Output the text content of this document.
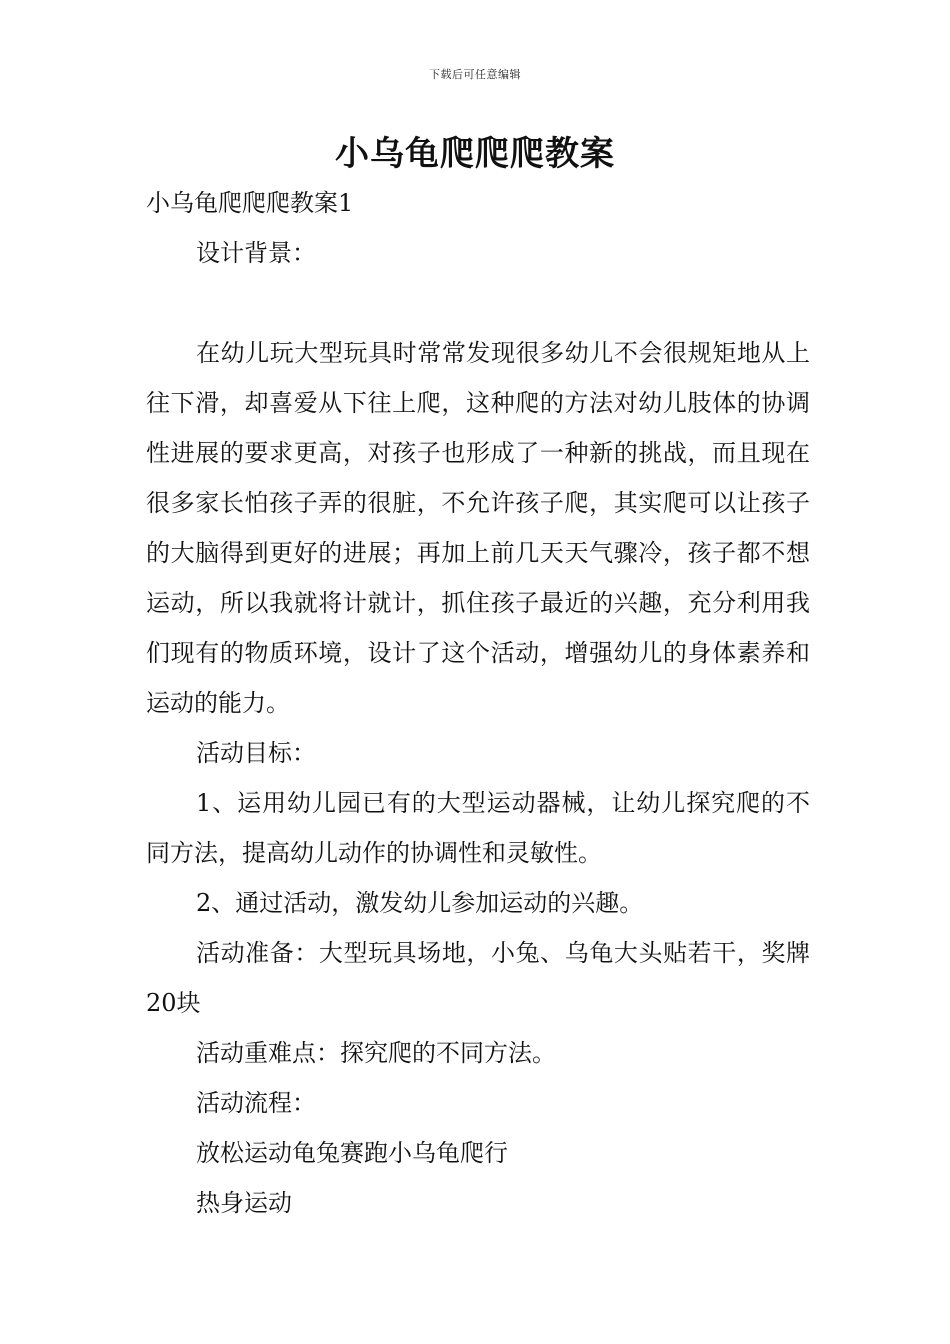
下载后可任意编辑
小乌龟爬爬爬教案

小乌龟爬爬爬教案1

设计背景：

在幼儿玩大型玩具时常常发现很多幼儿不会很规矩地从上往下滑，却喜爱从下往上爬，这种爬的方法对幼儿肢体的协调性进展的要求更高，对孩子也形成了一种新的挑战，而且现在很多家长怕孩子弄的很脏，不允许孩子爬，其实爬可以让孩子的大脑得到更好的进展；再加上前几天天气骤冷，孩子都不想运动，所以我就将计就计，抓住孩子最近的兴趣，充分利用我们现有的物质环境，设计了这个活动，增强幼儿的身体素养和运动的能力。

活动目标：

1、运用幼儿园已有的大型运动器械，让幼儿探究爬的不同方法，提高幼儿动作的协调性和灵敏性。

2、通过活动，激发幼儿参加运动的兴趣。

活动准备：大型玩具场地，小兔、乌龟大头贴若干，奖牌20块

活动重难点：探究爬的不同方法。

活动流程：

放松运动龟兔赛跑小乌龟爬行

热身运动
